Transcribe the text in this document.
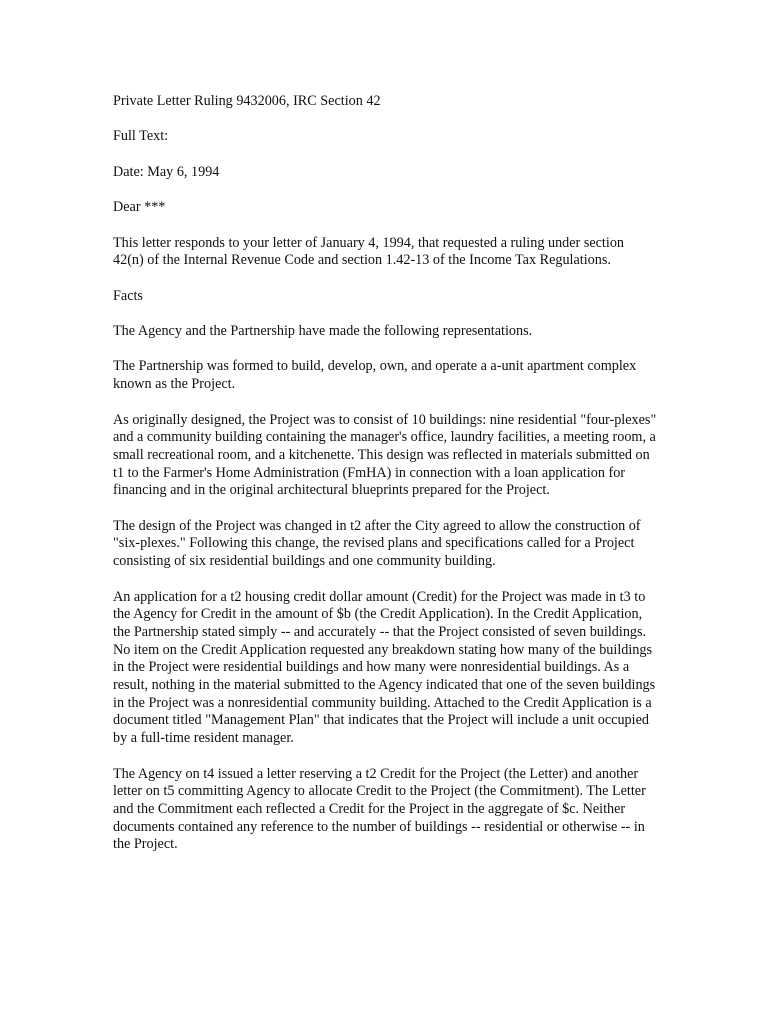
Private Letter Ruling 9432006, IRC Section 42

Full Text:

Date: May 6, 1994

Dear ***

This letter responds to your letter of January 4, 1994, that requested a ruling under section 42(n) of the Internal Revenue Code and section 1.42-13 of the Income Tax Regulations.

Facts

The Agency and the Partnership have made the following representations.

The Partnership was formed to build, develop, own, and operate a a-unit apartment complex known as the Project.

As originally designed, the Project was to consist of 10 buildings: nine residential "four-plexes" and a community building containing the manager's office, laundry facilities, a meeting room, a small recreational room, and a kitchenette. This design was reflected in materials submitted on t1 to the Farmer's Home Administration (FmHA) in connection with a loan application for financing and in the original architectural blueprints prepared for the Project.

The design of the Project was changed in t2 after the City agreed to allow the construction of "six-plexes." Following this change, the revised plans and specifications called for a Project consisting of six residential buildings and one community building.

An application for a t2 housing credit dollar amount (Credit) for the Project was made in t3 to the Agency for Credit in the amount of $b (the Credit Application). In the Credit Application, the Partnership stated simply -- and accurately -- that the Project consisted of seven buildings. No item on the Credit Application requested any breakdown stating how many of the buildings in the Project were residential buildings and how many were nonresidential buildings. As a result, nothing in the material submitted to the Agency indicated that one of the seven buildings in the Project was a nonresidential community building. Attached to the Credit Application is a document titled "Management Plan" that indicates that the Project will include a unit occupied by a full-time resident manager.

The Agency on t4 issued a letter reserving a t2 Credit for the Project (the Letter) and another letter on t5 committing Agency to allocate Credit to the Project (the Commitment). The Letter and the Commitment each reflected a Credit for the Project in the aggregate of $c. Neither documents contained any reference to the number of buildings -- residential or otherwise -- in the Project.
